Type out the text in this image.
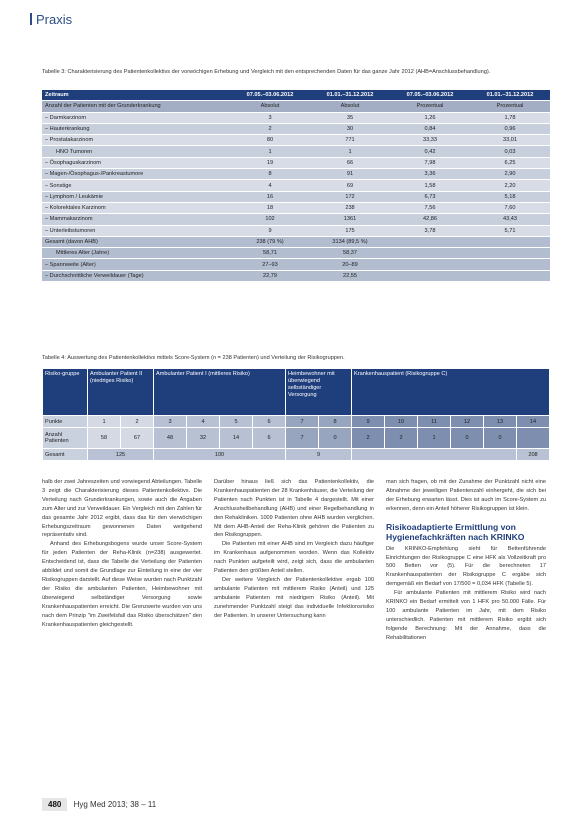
Praxis
Tabelle 3: Charakterisierung des Patientenkollektivs der vorwöchigen Erhebung und Vergleich mit den entsprechenden Daten für das ganze Jahr 2012 (AHB=Anschlussbehandlung).
Zeitraum	07.05.–03.06.2012	01.01.–31.12.2012	07.05.–03.06.2012	01.01.–31.12.2012
Anzahl der Patienten mit der Grunderkrankung	Absolut	Absolut	Prozentual	Prozentual
– Darmkarzinom	3	35	1,26	1,78
– Hauterkrankung	2	30	0,84	0,96
– Prostatakarzinom	80	771	33,33	33,01
HNO Tumoren	1	1	0,42	0,03
– Ösophaguskarzinom	19	66	7,98	6,25
– Magen-/Ösophagus-/Pankreastumore	8	91	3,36	2,90
– Sonstige	4	69	1,58	2,20
– Lymphom / Leukämie	16	172	6,73	5,18
– Kolorektales Karzinom	18	238	7,56	7,60
– Mammakarzinom	102	1361	42,86	43,43
– Unterleibstumoren	9	175	3,78	5,71
Gesamt (davon AHB)	238 (79 %)	3134 (89,5 %)		
Mittleres Alter (Jahre)	58,71	58,37		
– Spannweite (Alter)	27–93	20–89		
– Durchschnittliche Verweildauer (Tage)	22,79	22,55		
Tabelle 4: Auswertung des Patientenkollektivs mittels Score-System (n = 238 Patienten) und Verteilung der Risikogruppen.
Risiko-gruppe	Ambulanter Patient II (niedriges Risiko)		Ambulanter Patient I (mittleres Risiko)				Heimbewohner mit überwiegend selbständiger Versorgung		Krankenhauspatient (Risikogruppe C)					
Punkte	1	2	3	4	5	6	7	8	9	10	11	12	13	14
Anzahl Patienten	58	67	48	32	14	6	7	0	2	2	1	0	0	
Gesamt	125		100				9							208

halb der zwei Jahreszeiten und vorwiegend Abteilungen. Tabelle 3 zeigt die Charakterisierung dieses Patientenkollektivs. Die Verteilung nach Grunderkrankungen, sowie auch die Angaben zum Alter und zur Verweildauer. Ein Vergleich mit den Zahlen für das gesamte Jahr 2012 ergibt, dass das für den vierwöchigen Erhebungszeitraum gewonnenen Daten weitgehend repräsentativ sind.

Anhand des Erhebungsbogens wurde unser Score-System für jeden Patienten der Reha-Klinik (n=238) ausgewertet. Entscheidend ist, dass die Tabelle die Verteilung der Patienten abbildet und somit die Grundlage zur Einteilung in eine der vier Risikogruppen darstellt. Auf diese Weise wurden nach Punktzahl der Risiko die ambulanten Patienten, Heimbewohner mit überwiegend selbständiger Versorgung sowie Krankenhauspatienten erreicht. Die Grenzwerte wurden von uns nach dem Prinzip "im Zweifelsfall das Risiko überschätzen" den Krankenhauspatienten gleichgestellt.

Darüber hinaus ließ sich das Patientenkollektiv, die Krankenhauspatienten der 28 Krankenhäuser, die Verteilung der Patienten nach Punkten ist in Tabelle 4 dargestellt. Mit einer Anschlussheilbehandlung (AHB) und einer Regelbehandlung in den Rehakliniken. 1009 Patienten ohne AHB wurden verglichen. Mit dem AHB-Anteil der Reha-Klinik gehören die Patienten zu den Risikogruppen.

Die Patienten mit einer AHB sind im Vergleich dazu häufiger im Krankenhaus aufgenommen worden. Wenn das Kollektiv nach Punkten aufgeteilt wird, zeigt sich, dass die ambulanten Patienten den größten Anteil stellen.

Der weitere Vergleich der Patientenkollektive ergab 100 ambulante Patienten mit mittlerem Risiko (Anteil) und 125 ambulante Patienten mit niedrigem Risiko (Anteil). Mit zunehmender Punktzahl steigt das individuelle Infektionsrisiko der Patienten. In unserer Untersuchung kann

man sich fragen, ob mit der Zunahme der Punktzahl nicht eine Abnahme der jeweiligen Patientenzahl einhergeht, die sich bei der Erhebung erwarten lässt. Dies ist auch im Score-System zu erkennen, denn ein Anteil höherer Risikogruppen ist klein.

Risikoadaptierte Ermittlung von Hygienefachkräften nach KRINKO

Die KRINKO-Empfehlung sieht für Bettenführende Einrichtungen der Risikogruppe C eine HFK als Vollzeitkraft pro 500 Betten vor (5). Für die berechneten 17 Krankenhauspatienten der Risikogruppe C ergäbe sich demgemäß ein Bedarf von 17/500 = 0,034 HFK (Tabelle 5).

Für ambulante Patienten mit mittlerem Risiko wird nach KRINKO ein Bedarf ermittelt von 1 HFK pro 50.000 Fälle. Für 100 ambulante Patienten im Jahr, mit dem Risiko unterschiedlich. Patienten mit mittlerem Risiko ergibt sich folgende Berechnung: Mit der Annahme, dass die Rehabilitationen

480 Hyg Med 2013; 38 – 11
